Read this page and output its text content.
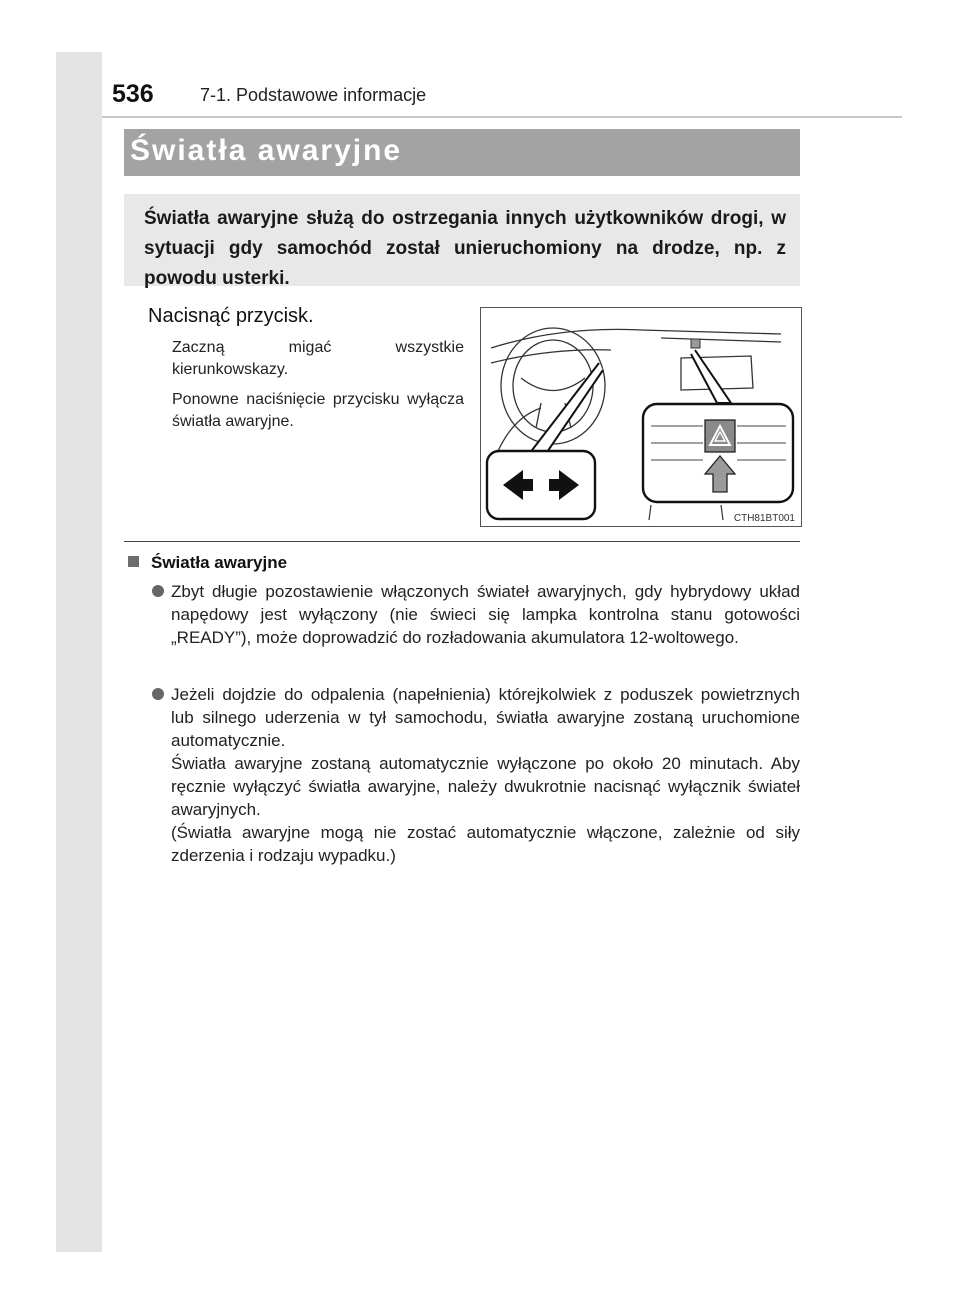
536	7-1. Podstawowe informacje
Światła awaryjne
Światła awaryjne służą do ostrzegania innych użytkowników drogi, w sytuacji gdy samochód został unieruchomiony na drodze, np. z powodu usterki.
Nacisnąć przycisk.
Zaczną migać wszystkie kierunkowskazy.
Ponowne naciśnięcie przycisku wyłącza światła awaryjne.
CTH81BT001
Światła awaryjne
Zbyt długie pozostawienie włączonych świateł awaryjnych, gdy hybrydowy układ napędowy jest wyłączony (nie świeci się lampka kontrolna stanu gotowości „READY”), może doprowadzić do rozładowania akumulatora 12-woltowego.

Jeżeli dojdzie do odpalenia (napełnienia) którejkolwiek z poduszek powietrznych lub silnego uderzenia w tył samochodu, światła awaryjne zostaną uruchomione automatycznie.

Światła awaryjne zostaną automatycznie wyłączone po około 20 minutach. Aby ręcznie wyłączyć światła awaryjne, należy dwukrotnie nacisnąć wyłącznik świateł awaryjnych.

(Światła awaryjne mogą nie zostać automatycznie włączone, zależnie od siły zderzenia i rodzaju wypadku.)
